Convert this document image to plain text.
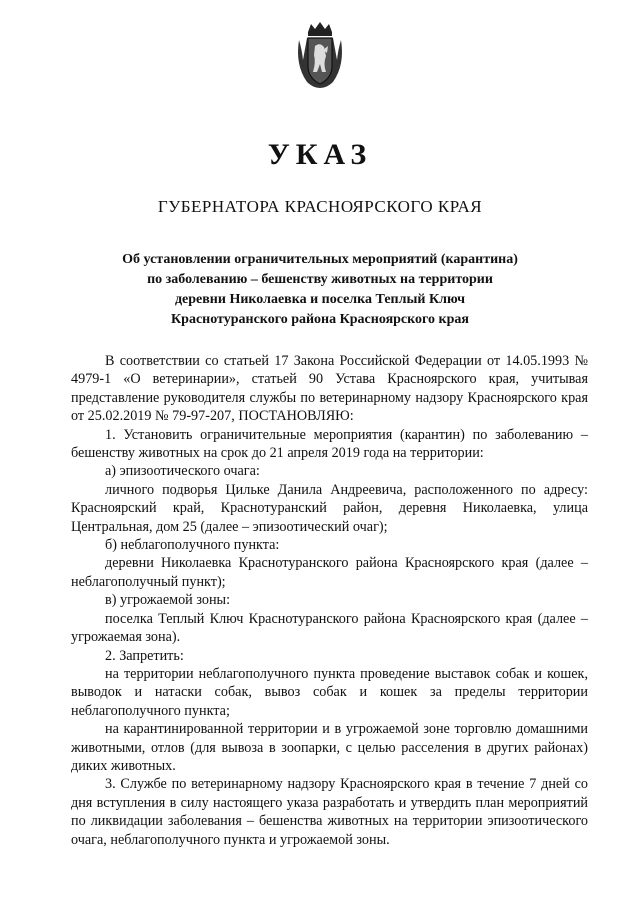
УКАЗ
ГУБЕРНАТОРА КРАСНОЯРСКОГО КРАЯ
Об установлении ограничительных мероприятий (карантина)
по заболеванию – бешенству животных на территории
деревни Николаевка и поселка Теплый Ключ
Краснотуранского района Красноярского края

В соответствии со статьей 17 Закона Российской Федерации от 14.05.1993 № 4979-1 «О ветеринарии», статьей 90 Устава Красноярского края, учитывая представление руководителя службы по ветеринарному надзору Красноярского края от 25.02.2019 № 79-97-207, ПОСТАНОВЛЯЮ:

1. Установить ограничительные мероприятия (карантин) по заболеванию – бешенству животных на срок до 21 апреля 2019 года на территории:

а) эпизоотического очага:

личного подворья Цильке Данила Андреевича, расположенного по адресу: Красноярский край, Краснотуранский район, деревня Николаевка, улица Центральная, дом 25 (далее – эпизоотический очаг);

б) неблагополучного пункта:

деревни Николаевка Краснотуранского района Красноярского края (далее – неблагополучный пункт);

в) угрожаемой зоны:

поселка Теплый Ключ Краснотуранского района Красноярского края (далее – угрожаемая зона).

2. Запретить:

на территории неблагополучного пункта проведение выставок собак и кошек, выводок и натаски собак, вывоз собак и кошек за пределы территории неблагополучного пункта;

на карантинированной территории и в угрожаемой зоне торговлю домашними животными, отлов (для вывоза в зоопарки, с целью расселения в других районах) диких животных.

3. Службе по ветеринарному надзору Красноярского края в течение 7 дней со дня вступления в силу настоящего указа разработать и утвердить план мероприятий по ликвидации заболевания – бешенства животных на территории эпизоотического очага, неблагополучного пункта и угрожаемой зоны.
